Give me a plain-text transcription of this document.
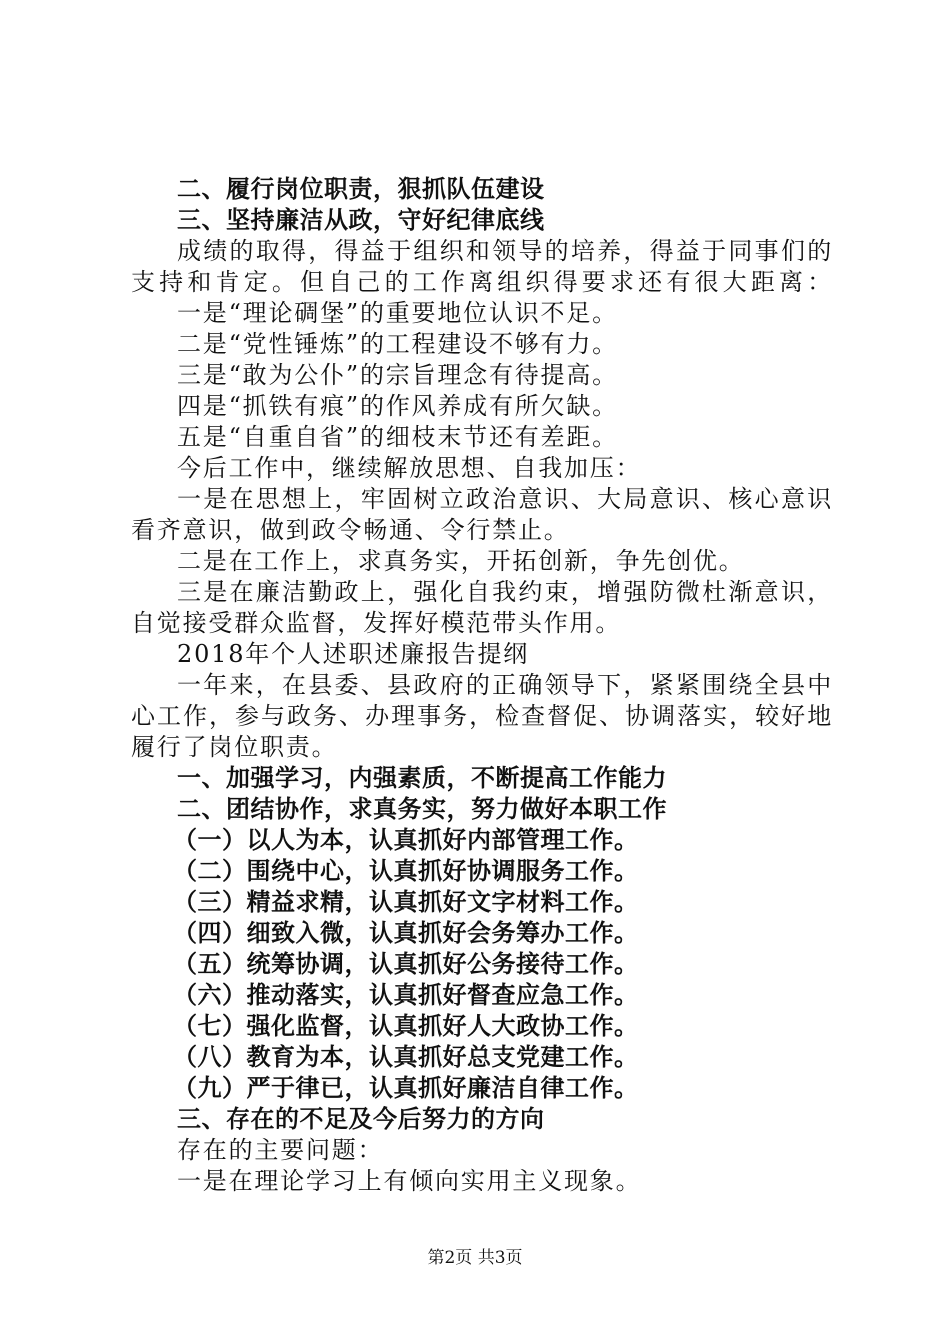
二、履行岗位职责，狠抓队伍建设
三、坚持廉洁从政，守好纪律底线
成绩的取得，得益于组织和领导的培养，得益于同事们的
支持和肯定。但自己的工作离组织得要求还有很大距离：
一是“理论碉堡”的重要地位认识不足。
二是“党性锤炼”的工程建设不够有力。
三是“敢为公仆”的宗旨理念有待提高。
四是“抓铁有痕”的作风养成有所欠缺。
五是“自重自省”的细枝末节还有差距。
今后工作中，继续解放思想、自我加压：
一是在思想上，牢固树立政治意识、大局意识、核心意识
看齐意识，做到政令畅通、令行禁止。
二是在工作上，求真务实，开拓创新，争先创优。
三是在廉洁勤政上，强化自我约束，增强防微杜渐意识，
自觉接受群众监督，发挥好模范带头作用。
2018年个人述职述廉报告提纲
一年来，在县委、县政府的正确领导下，紧紧围绕全县中
心工作，参与政务、办理事务，检查督促、协调落实，较好地
履行了岗位职责。
一、加强学习，内强素质，不断提高工作能力
二、团结协作，求真务实，努力做好本职工作
（一）以人为本，认真抓好内部管理工作。
（二）围绕中心，认真抓好协调服务工作。
（三）精益求精，认真抓好文字材料工作。
（四）细致入微，认真抓好会务筹办工作。
（五）统筹协调，认真抓好公务接待工作。
（六）推动落实，认真抓好督查应急工作。
（七）强化监督，认真抓好人大政协工作。
（八）教育为本，认真抓好总支党建工作。
（九）严于律已，认真抓好廉洁自律工作。
三、存在的不足及今后努力的方向
存在的主要问题：
一是在理论学习上有倾向实用主义现象。
第2页 共3页
